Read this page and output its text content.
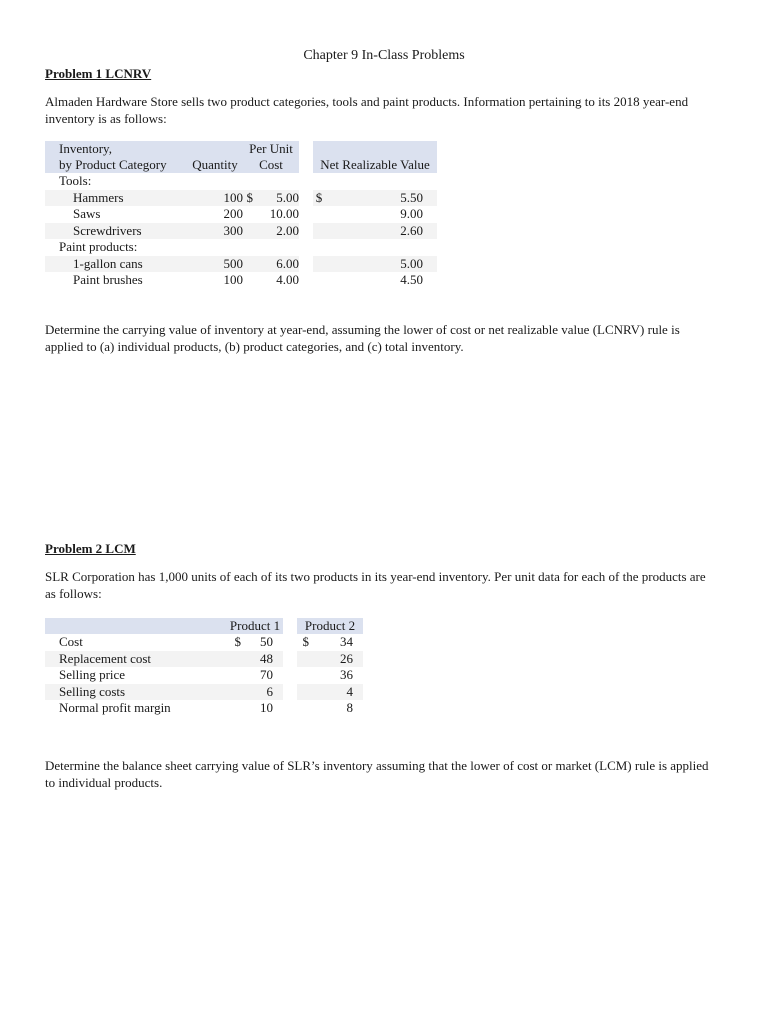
Chapter 9 In-Class Problems
Problem 1 LCNRV
Almaden Hardware Store sells two product categories, tools and paint products. Information pertaining to its 2018 year-end inventory is as follows:
Inventory,		Per Unit				
by Product Category	Quantity	Cost			Net Realizable Value	
Tools:						
Hammers	100	$	5.00		$	5.50
Saws	200		10.00			9.00
Screwdrivers	300		2.00			2.60
Paint products:						
1-gallon cans	500		6.00			5.00
Paint brushes	100		4.00			4.50
Determine the carrying value of inventory at year-end, assuming the lower of cost or net realizable value (LCNRV) rule is applied to (a) individual products, (b) product categories, and (c) total inventory.
Problem 2 LCM
SLR Corporation has 1,000 units of each of its two products in its year-end inventory. Per unit data for each of the products are as follows:
	Product 1			Product 2	
Cost	$	50		$	34
Replacement cost		48			26
Selling price		70			36
Selling costs		6			4
Normal profit margin		10			8
Determine the balance sheet carrying value of SLR’s inventory assuming that the lower of cost or market (LCM) rule is applied to individual products.
